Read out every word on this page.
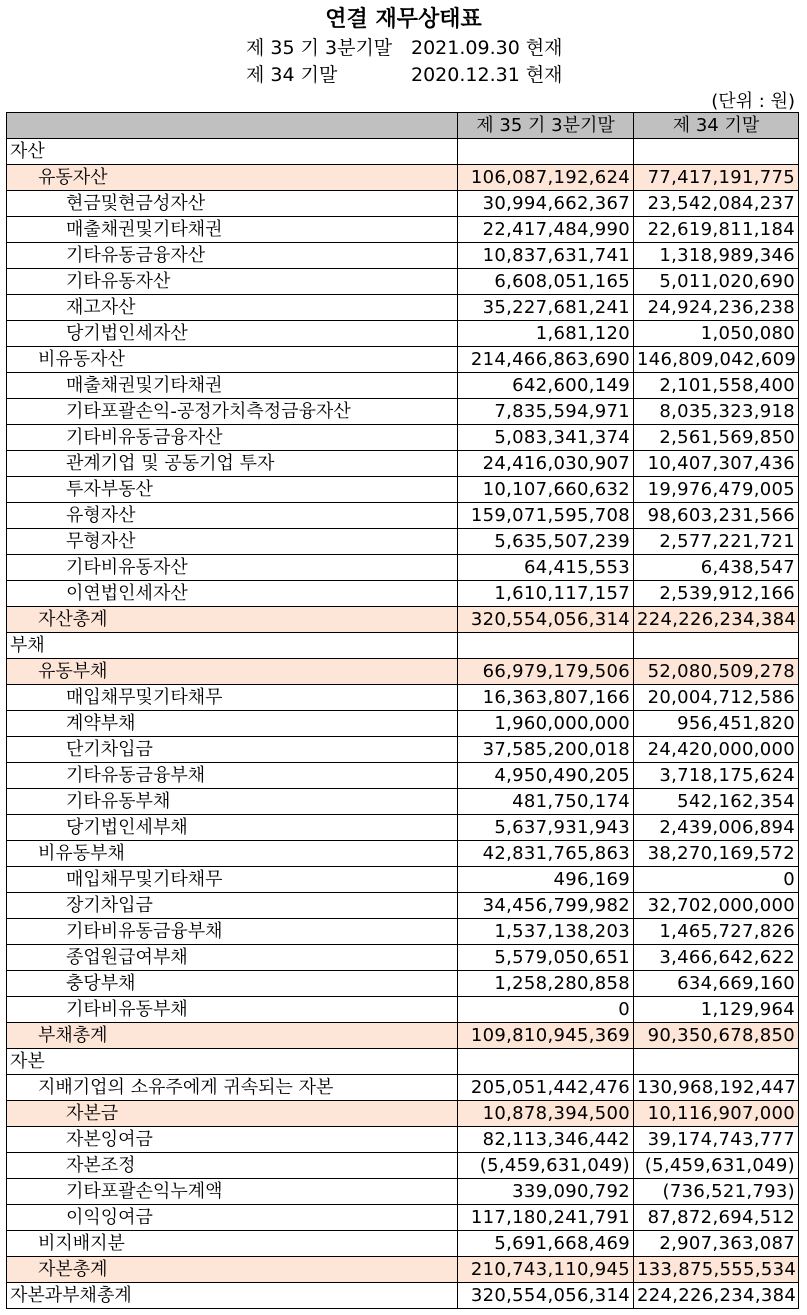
연결 재무상태표
제 35 기 3분기말 2021.09.30 현재
제 34 기말	2020.12.31 현재
(단위 : 원)
	제 35 기 3분기말	제 34 기말
자산		
유동자산	106,087,192,624	77,417,191,775
현금및현금성자산	30,994,662,367	23,542,084,237
매출채권및기타채권	22,417,484,990	22,619,811,184
기타유동금융자산	10,837,631,741	1,318,989,346
기타유동자산	6,608,051,165	5,011,020,690
재고자산	35,227,681,241	24,924,236,238
당기법인세자산	1,681,120	1,050,080
비유동자산	214,466,863,690	146,809,042,609
매출채권및기타채권	642,600,149	2,101,558,400
기타포괄손익-공정가치측정금융자산	7,835,594,971	8,035,323,918
기타비유동금융자산	5,083,341,374	2,561,569,850
관계기업 및 공동기업 투자	24,416,030,907	10,407,307,436
투자부동산	10,107,660,632	19,976,479,005
유형자산	159,071,595,708	98,603,231,566
무형자산	5,635,507,239	2,577,221,721
기타비유동자산	64,415,553	6,438,547
이연법인세자산	1,610,117,157	2,539,912,166
자산총계	320,554,056,314	224,226,234,384
부채		
유동부채	66,979,179,506	52,080,509,278
매입채무및기타채무	16,363,807,166	20,004,712,586
계약부채	1,960,000,000	956,451,820
단기차입금	37,585,200,018	24,420,000,000
기타유동금융부채	4,950,490,205	3,718,175,624
기타유동부채	481,750,174	542,162,354
당기법인세부채	5,637,931,943	2,439,006,894
비유동부채	42,831,765,863	38,270,169,572
매입채무및기타채무	496,169	0
장기차입금	34,456,799,982	32,702,000,000
기타비유동금융부채	1,537,138,203	1,465,727,826
종업원급여부채	5,579,050,651	3,466,642,622
충당부채	1,258,280,858	634,669,160
기타비유동부채	0	1,129,964
부채총계	109,810,945,369	90,350,678,850
자본		
지배기업의 소유주에게 귀속되는 자본	205,051,442,476	130,968,192,447
자본금	10,878,394,500	10,116,907,000
자본잉여금	82,113,346,442	39,174,743,777
자본조정	(5,459,631,049)	(5,459,631,049)
기타포괄손익누계액	339,090,792	(736,521,793)
이익잉여금	117,180,241,791	87,872,694,512
비지배지분	5,691,668,469	2,907,363,087
자본총계	210,743,110,945	133,875,555,534
자본과부채총계	320,554,056,314	224,226,234,384
